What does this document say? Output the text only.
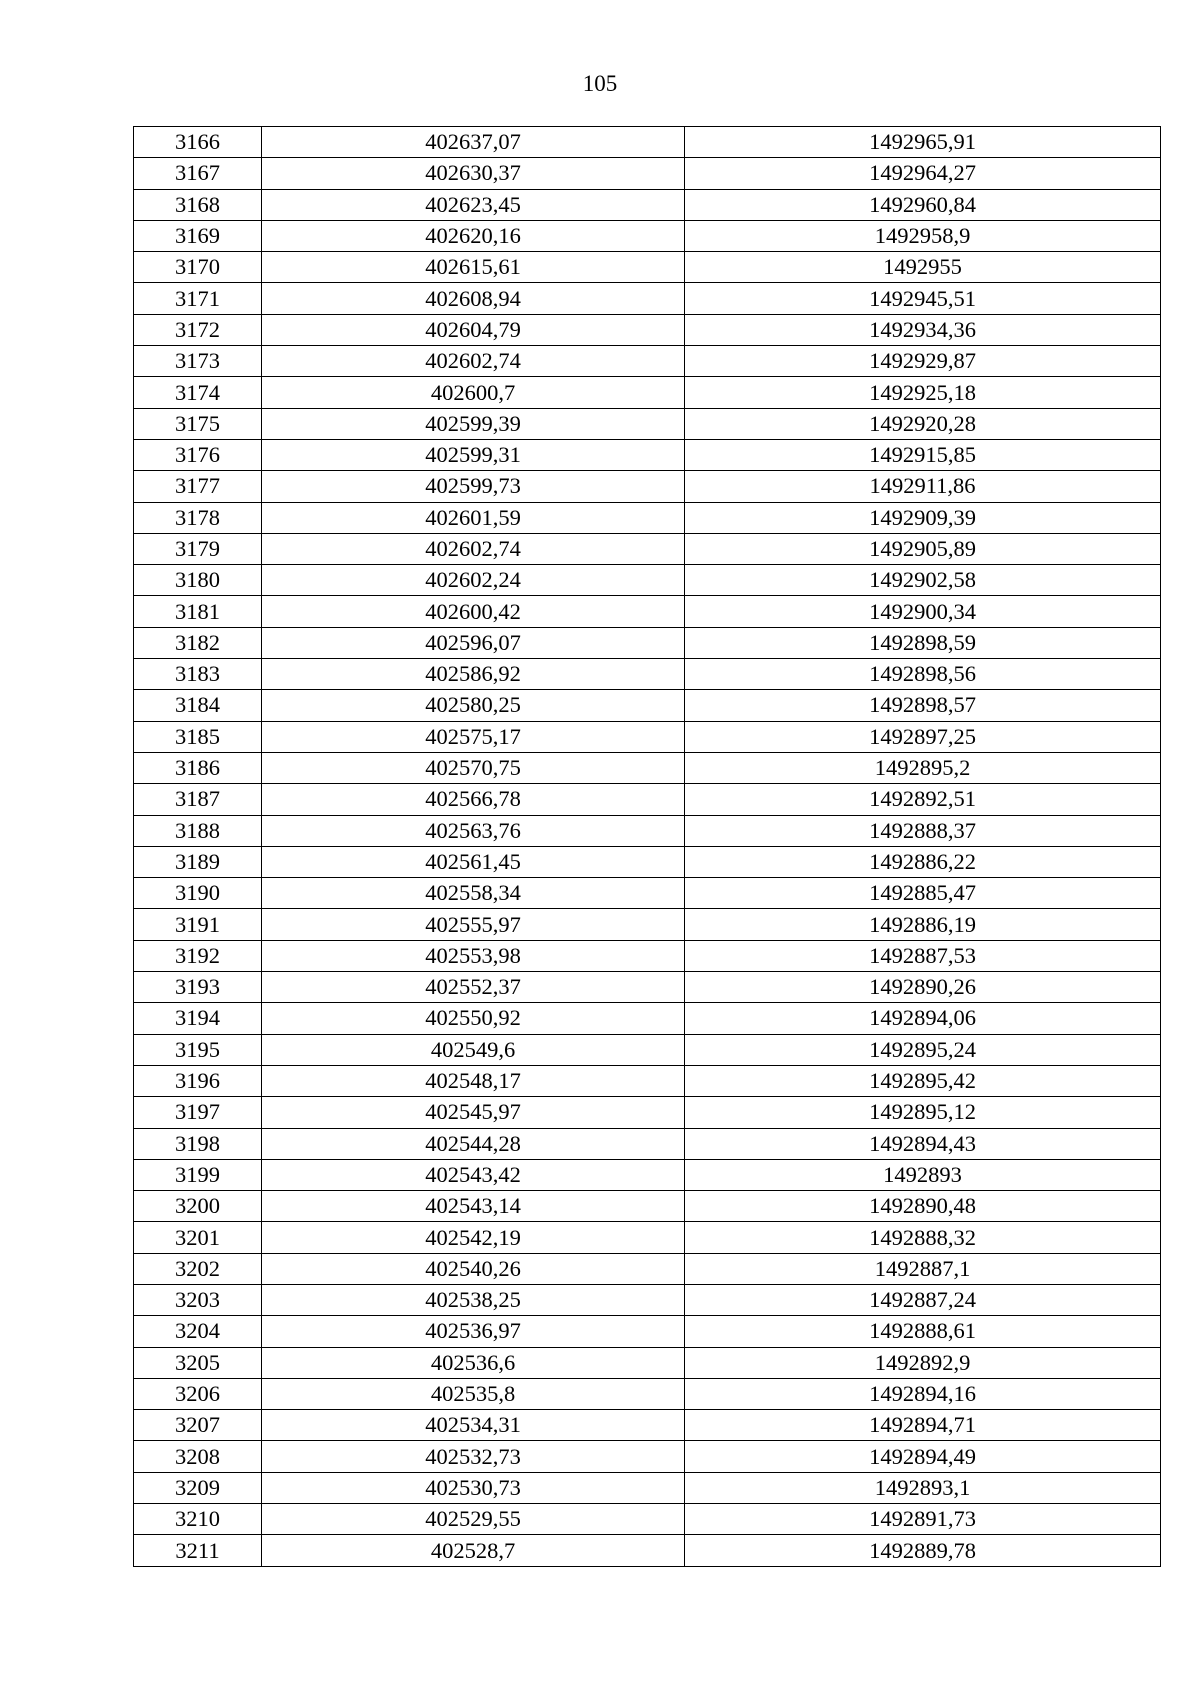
105
3166	402637,07	1492965,91
3167	402630,37	1492964,27
3168	402623,45	1492960,84
3169	402620,16	1492958,9
3170	402615,61	1492955
3171	402608,94	1492945,51
3172	402604,79	1492934,36
3173	402602,74	1492929,87
3174	402600,7	1492925,18
3175	402599,39	1492920,28
3176	402599,31	1492915,85
3177	402599,73	1492911,86
3178	402601,59	1492909,39
3179	402602,74	1492905,89
3180	402602,24	1492902,58
3181	402600,42	1492900,34
3182	402596,07	1492898,59
3183	402586,92	1492898,56
3184	402580,25	1492898,57
3185	402575,17	1492897,25
3186	402570,75	1492895,2
3187	402566,78	1492892,51
3188	402563,76	1492888,37
3189	402561,45	1492886,22
3190	402558,34	1492885,47
3191	402555,97	1492886,19
3192	402553,98	1492887,53
3193	402552,37	1492890,26
3194	402550,92	1492894,06
3195	402549,6	1492895,24
3196	402548,17	1492895,42
3197	402545,97	1492895,12
3198	402544,28	1492894,43
3199	402543,42	1492893
3200	402543,14	1492890,48
3201	402542,19	1492888,32
3202	402540,26	1492887,1
3203	402538,25	1492887,24
3204	402536,97	1492888,61
3205	402536,6	1492892,9
3206	402535,8	1492894,16
3207	402534,31	1492894,71
3208	402532,73	1492894,49
3209	402530,73	1492893,1
3210	402529,55	1492891,73
3211	402528,7	1492889,78
